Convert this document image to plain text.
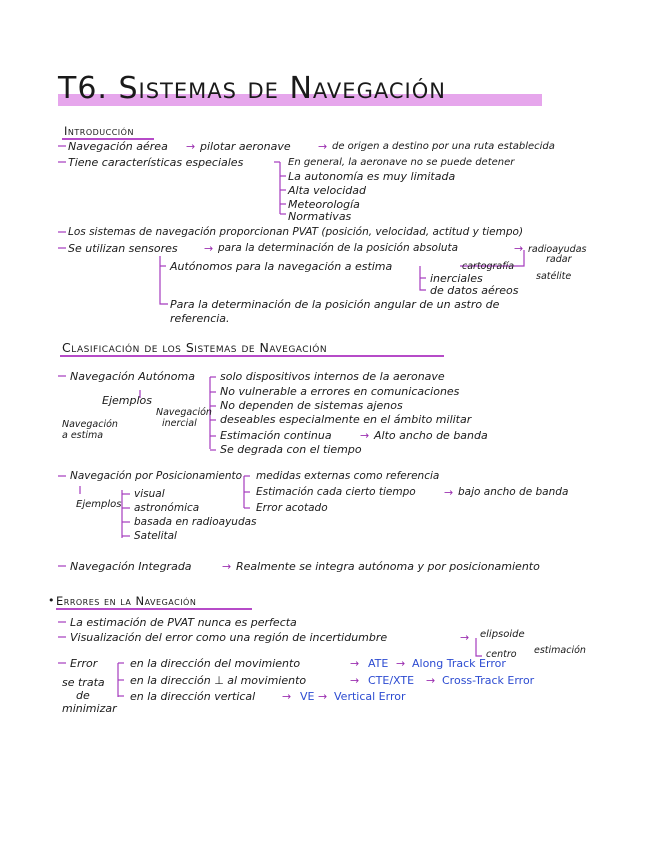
T6. Sistemas de Navegación
Introducción
Navegación aérea → pilotar aeronave → de origen a destino por una ruta establecida
Tiene características especiales	En general, la aeronave no se puede detener
La autonomía es muy limitada
Alta velocidad
Meteorología
Normativas
Los sistemas de navegación proporcionan PVAT (posición, velocidad, actitud y tiempo)
Se utilizan sensores → para la determinación de la posición absoluta	→ radioayudas
radar
cartografía
satélite
Autónomos para la navegación a estima
inerciales
de datos aéreos
Para la determinación de la posición angular de un astro de
referencia.
Clasificación de los Sistemas de Navegación
Navegación Autónoma
Ejemplos
Navegación
a estima
Navegación
inercial
solo dispositivos internos de la aeronave
No vulnerable a errores en comunicaciones
No dependen de sistemas ajenos
deseables especialmente en el ámbito militar
Estimación continua	→ Alto ancho de banda
Se degrada con el tiempo
Navegación por Posicionamiento medidas externas como referencia
Estimación cada cierto tiempo	→ bajo ancho de banda
Error acotado
Ejemplos
visual
astronómica
basada en radioayudas
Satelital
Navegación Integrada	→ Realmente se integra autónoma y por posicionamiento
• Errores en la Navegación
La estimación de PVAT nunca es perfecta
Visualización del error como una región de incertidumbre	→ elipsoide
centro estimación
Error
se trata
de
minimizar
en la dirección del movimiento	→ ATE → Along Track Error
en la dirección ⊥ al movimiento	→ CTE/XTE → Cross-Track Error
en la dirección vertical → VE → Vertical Error
